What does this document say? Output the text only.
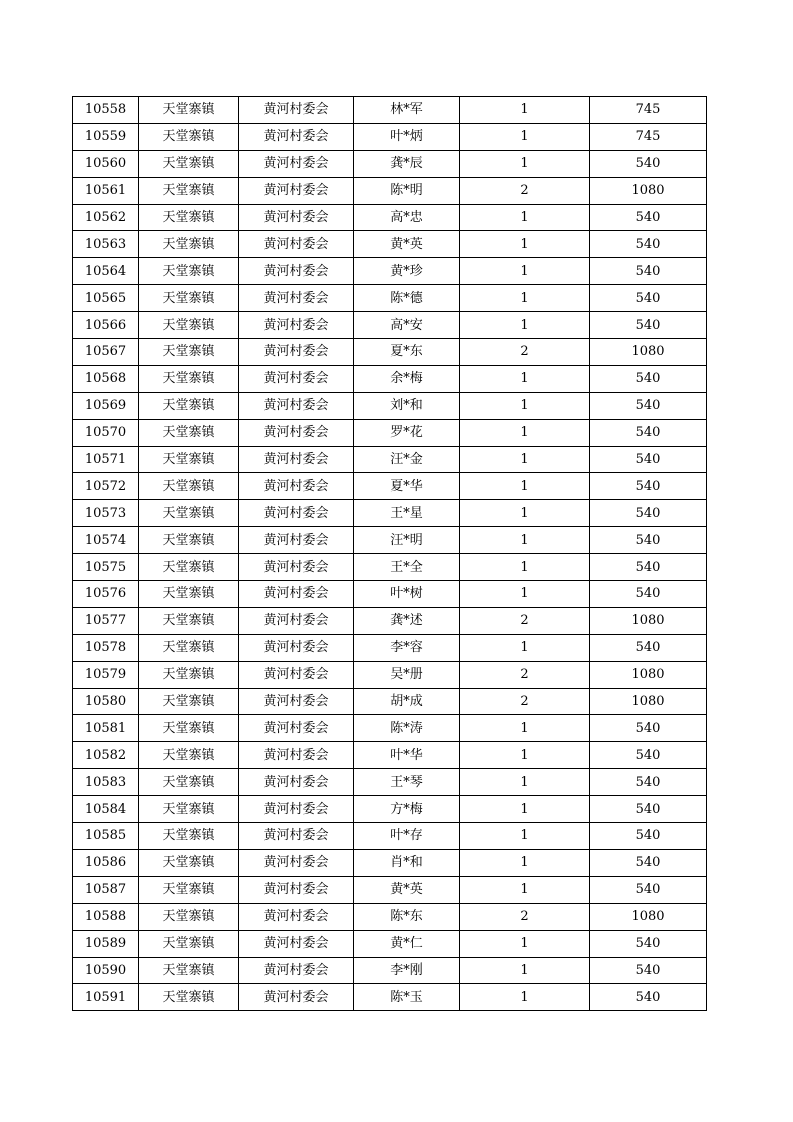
10558	天堂寨镇	黄河村委会	林*军	1	745
10559	天堂寨镇	黄河村委会	叶*炳	1	745
10560	天堂寨镇	黄河村委会	龚*辰	1	540
10561	天堂寨镇	黄河村委会	陈*明	2	1080
10562	天堂寨镇	黄河村委会	高*忠	1	540
10563	天堂寨镇	黄河村委会	黄*英	1	540
10564	天堂寨镇	黄河村委会	黄*珍	1	540
10565	天堂寨镇	黄河村委会	陈*德	1	540
10566	天堂寨镇	黄河村委会	高*安	1	540
10567	天堂寨镇	黄河村委会	夏*东	2	1080
10568	天堂寨镇	黄河村委会	余*梅	1	540
10569	天堂寨镇	黄河村委会	刘*和	1	540
10570	天堂寨镇	黄河村委会	罗*花	1	540
10571	天堂寨镇	黄河村委会	汪*金	1	540
10572	天堂寨镇	黄河村委会	夏*华	1	540
10573	天堂寨镇	黄河村委会	王*星	1	540
10574	天堂寨镇	黄河村委会	汪*明	1	540
10575	天堂寨镇	黄河村委会	王*全	1	540
10576	天堂寨镇	黄河村委会	叶*树	1	540
10577	天堂寨镇	黄河村委会	龚*述	2	1080
10578	天堂寨镇	黄河村委会	李*容	1	540
10579	天堂寨镇	黄河村委会	吴*册	2	1080
10580	天堂寨镇	黄河村委会	胡*成	2	1080
10581	天堂寨镇	黄河村委会	陈*涛	1	540
10582	天堂寨镇	黄河村委会	叶*华	1	540
10583	天堂寨镇	黄河村委会	王*琴	1	540
10584	天堂寨镇	黄河村委会	方*梅	1	540
10585	天堂寨镇	黄河村委会	叶*存	1	540
10586	天堂寨镇	黄河村委会	肖*和	1	540
10587	天堂寨镇	黄河村委会	黄*英	1	540
10588	天堂寨镇	黄河村委会	陈*东	2	1080
10589	天堂寨镇	黄河村委会	黄*仁	1	540
10590	天堂寨镇	黄河村委会	李*刚	1	540
10591	天堂寨镇	黄河村委会	陈*玉	1	540
